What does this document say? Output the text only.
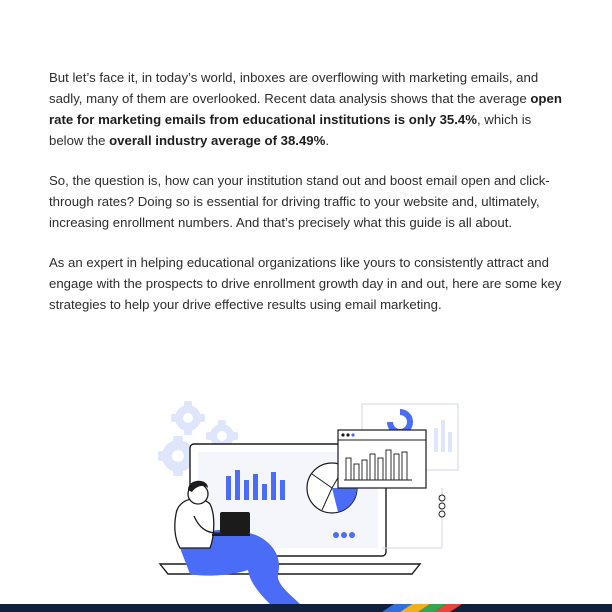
But let’s face it, in today’s world, inboxes are overflowing with marketing emails, and sadly, many of them are overlooked. Recent data analysis shows that the average open rate for marketing emails from educational institutions is only 35.4%, which is below the overall industry average of 38.49%.

So, the question is, how can your institution stand out and boost email open and click-through rates? Doing so is essential for driving traffic to your website and, ultimately, increasing enrollment numbers. And that’s precisely what this guide is all about.

As an expert in helping educational organizations like yours to consistently attract and engage with the prospects to drive enrollment growth day in and out, here are some key strategies to help your drive effective results using email marketing.
